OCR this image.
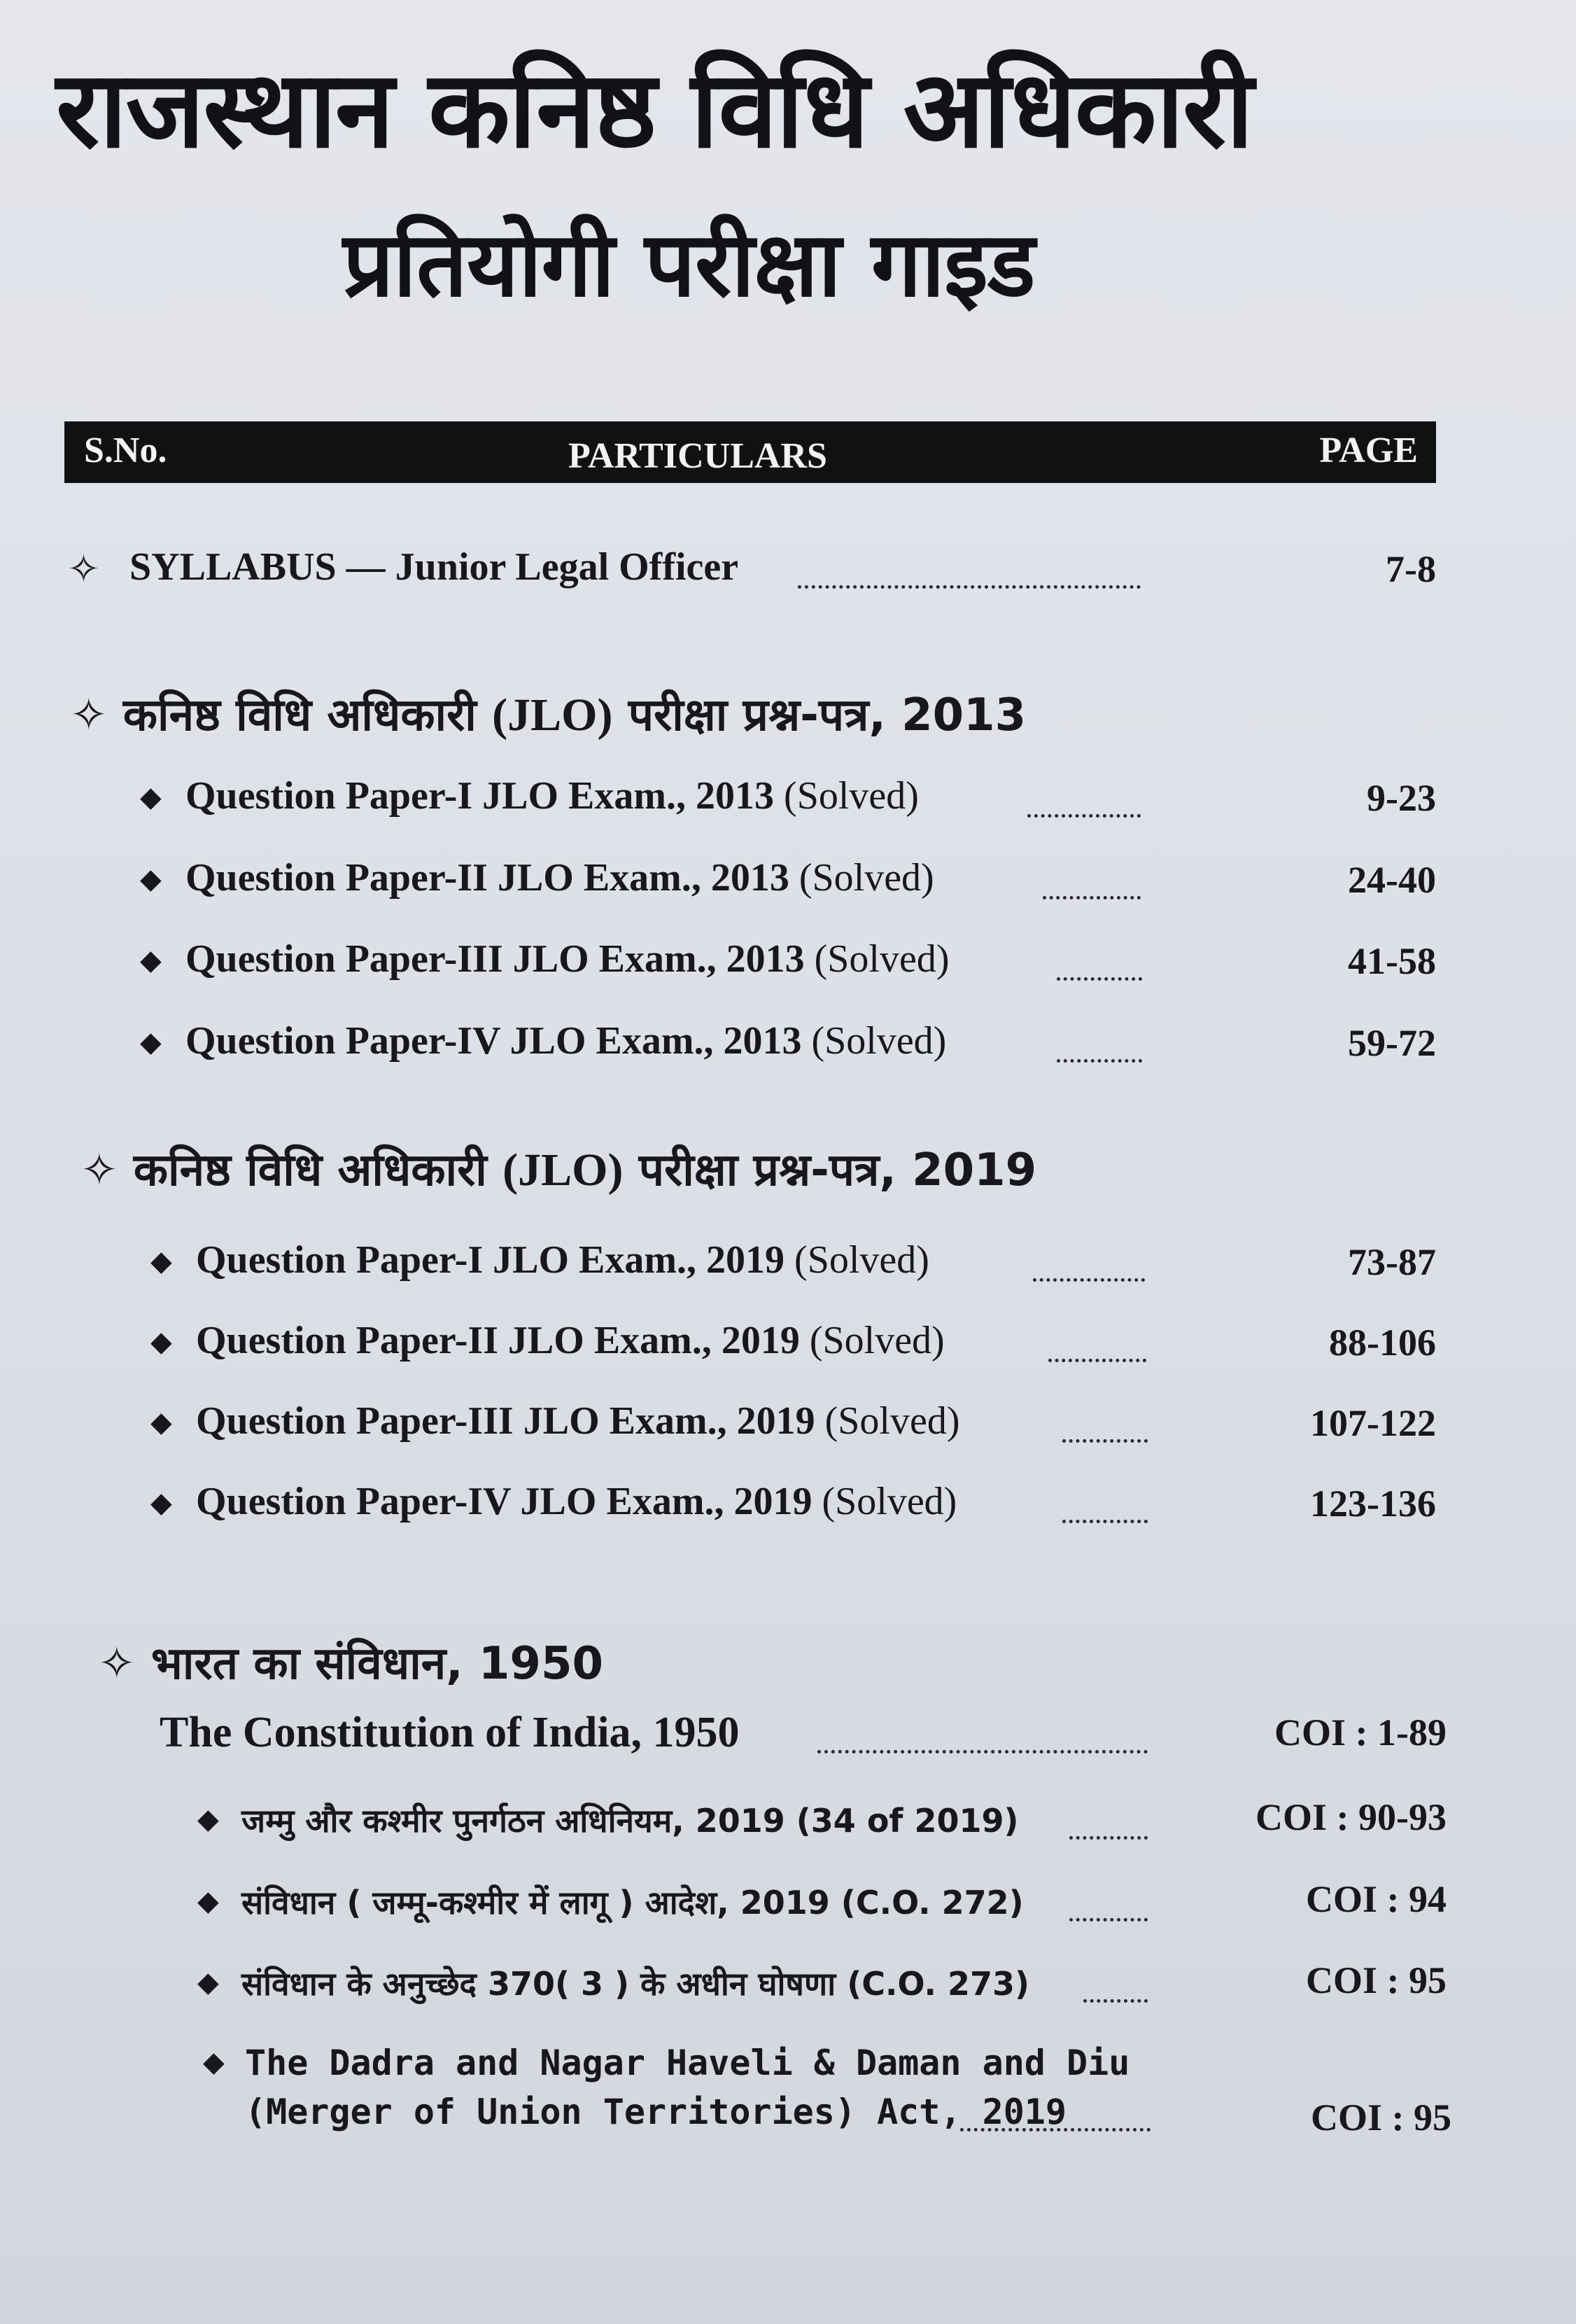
राजस्थान कनिष्ठ विधि अधिकारी
प्रतियोगी परीक्षा गाइड
S.No.	PARTICULARS	PAGE
✧ SYLLABUS — Junior Legal Officer	7-8
✧ कनिष्ठ विधि अधिकारी (JLO) परीक्षा प्रश्न-पत्र, 2013
◆ Question Paper-I JLO Exam., 2013 (Solved)	9-23
◆ Question Paper-II JLO Exam., 2013 (Solved)	24-40
◆ Question Paper-III JLO Exam., 2013 (Solved)	41-58
◆ Question Paper-IV JLO Exam., 2013 (Solved)	59-72
✧ कनिष्ठ विधि अधिकारी (JLO) परीक्षा प्रश्न-पत्र, 2019
◆ Question Paper-I JLO Exam., 2019 (Solved)	73-87
◆ Question Paper-II JLO Exam., 2019 (Solved)	88-106
◆ Question Paper-III JLO Exam., 2019 (Solved)	107-122
◆ Question Paper-IV JLO Exam., 2019 (Solved)	123-136
✧ भारत का संविधान, 1950
The Constitution of India, 1950	COI : 1-89
◆ जम्मु और कश्मीर पुनर्गठन अधिनियम, 2019 (34 of 2019)	COI : 90-93
◆ संविधान ( जम्मू-कश्मीर में लागू ) आदेश, 2019 (C.O. 272)	COI : 94
◆ संविधान के अनुच्छेद 370( 3 ) के अधीन घोषणा (C.O. 273)	COI : 95
◆ The Dadra and Nagar Haveli & Daman and Diu
(Merger of Union Territories) Act, 2019	COI : 95
